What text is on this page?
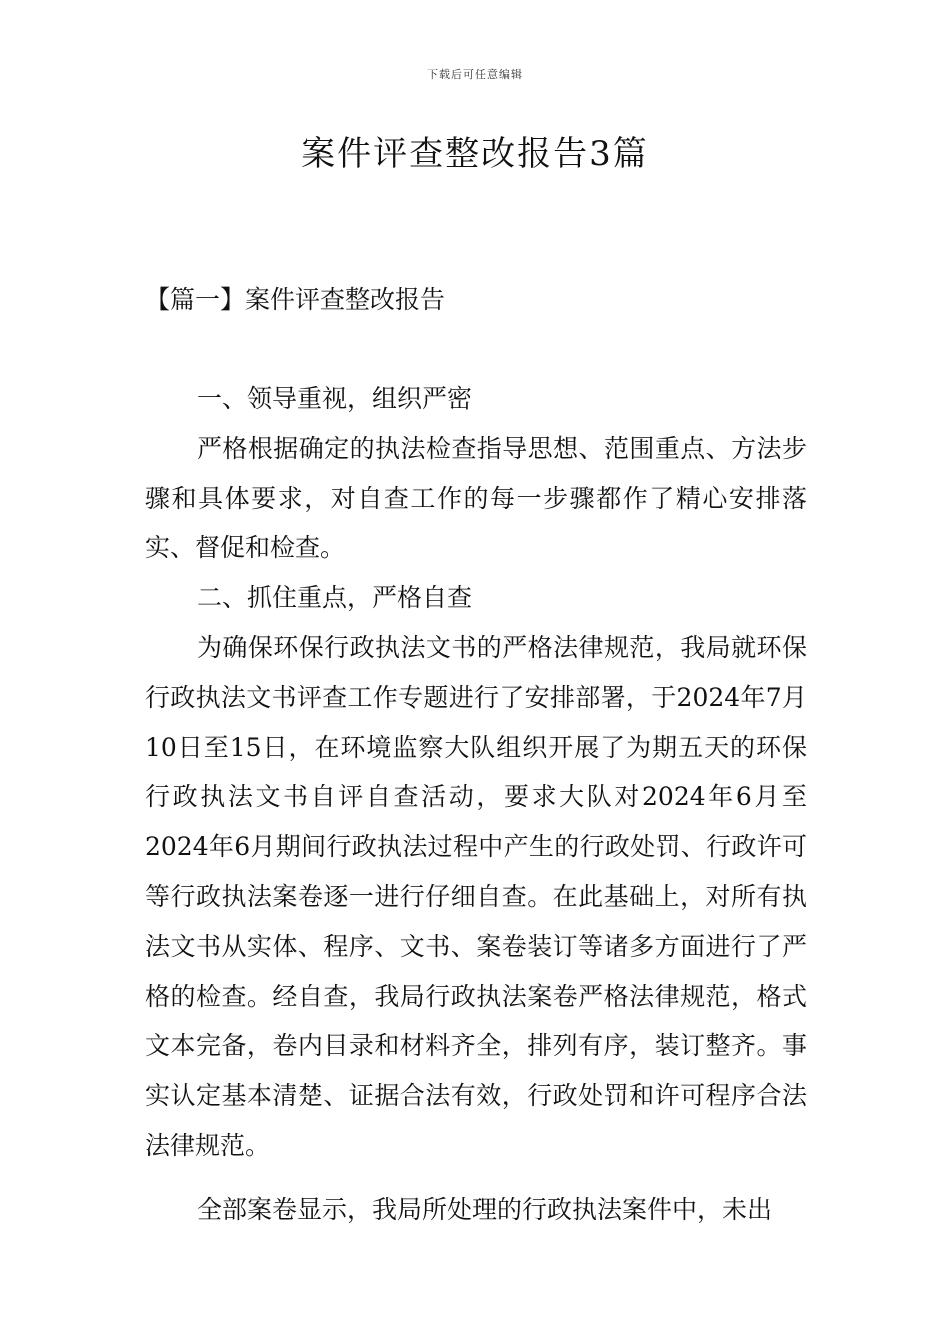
下载后可任意编辑
案件评查整改报告3篇
【篇一】案件评查整改报告

一、领导重视，组织严密

严格根据确定的执法检查指导思想、范围重点、方法步骤和具体要求，对自查工作的每一步骤都作了精心安排落实、督促和检查。

二、抓住重点，严格自查

为确保环保行政执法文书的严格法律规范，我局就环保行政执法文书评查工作专题进行了安排部署，于2024年7月10日至15日，在环境监察大队组织开展了为期五天的环保行政执法文书自评自查活动，要求大队对2024年6月至2024年6月期间行政执法过程中产生的行政处罚、行政许可等行政执法案卷逐一进行仔细自查。在此基础上，对所有执法文书从实体、程序、文书、案卷装订等诸多方面进行了严格的检查。经自查，我局行政执法案卷严格法律规范，格式文本完备，卷内目录和材料齐全，排列有序，装订整齐。事实认定基本清楚、证据合法有效，行政处罚和许可程序合法法律规范。

全部案卷显示，我局所处理的行政执法案件中，未出
